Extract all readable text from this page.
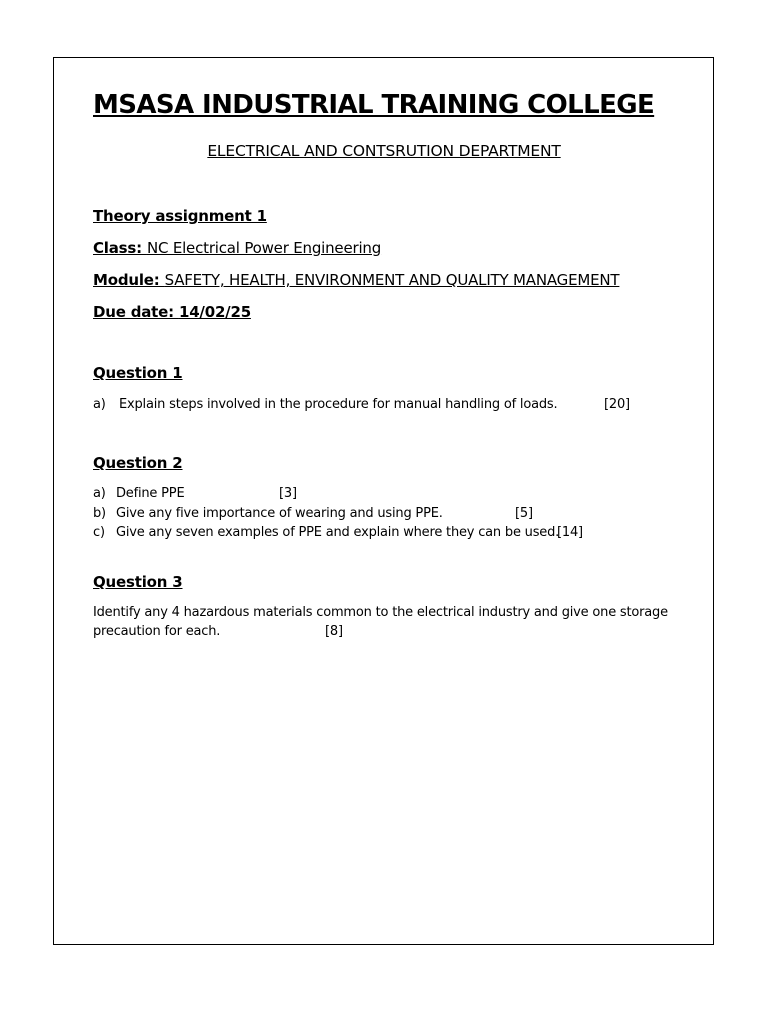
MSASA INDUSTRIAL TRAINING COLLEGE
ELECTRICAL AND CONTSRUTION DEPARTMENT
Theory assignment 1
Class: NC Electrical Power Engineering
Module: SAFETY, HEALTH, ENVIRONMENT AND QUALITY MANAGEMENT
Due date: 14/02/25
Question 1
a) Explain steps involved in the procedure for manual handling of loads.	[20]
Question 2
a) Define PPE	[3]
b) Give any five importance of wearing and using PPE.	[5]
c) Give any seven examples of PPE and explain where they can be used.
[14]
Question 3
Identify any 4 hazardous materials common to the electrical industry and give one storage
precaution for each.	[8]
